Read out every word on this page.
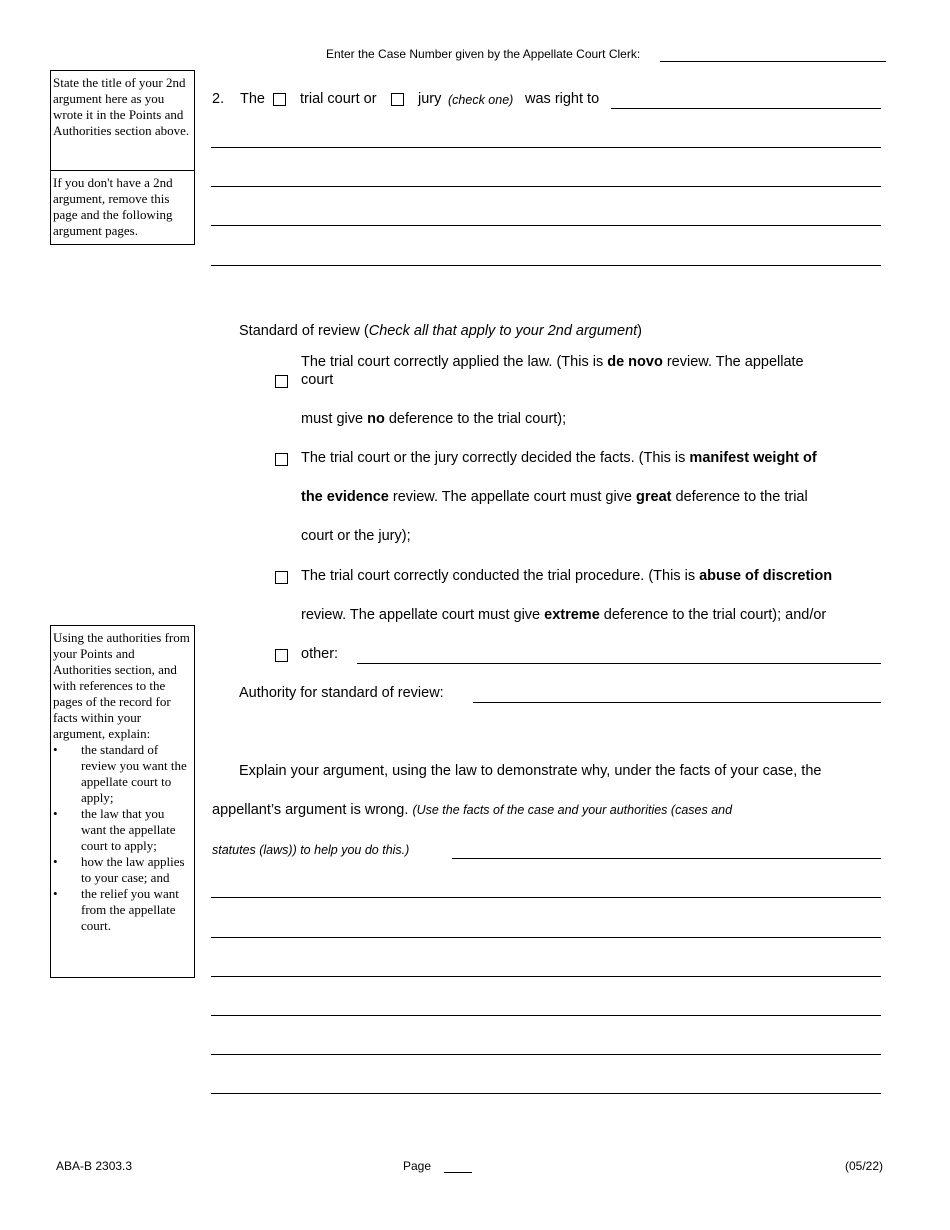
Enter the Case Number given by the Appellate Court Clerk:
State the title of your 2nd argument here as you wrote it in the Points and Authorities section above.
If you don't have a 2nd argument, remove this page and the following argument pages.
Using the authorities from your Points and Authorities section, and with references to the pages of the record for facts within your argument, explain:
• the standard of review you want the appellate court to apply;
• the law that you want the appellate court to apply;
• how the law applies to your case; and
• the relief you want from the appellate court.
2. The trial court or	jury (check one) was right to
Standard of review (Check all that apply to your 2nd argument)
The trial court correctly applied the law. (This is de novo review. The appellate
court
must give no deference to the trial court);
The trial court or the jury correctly decided the facts. (This is manifest weight of
the evidence review. The appellate court must give great deference to the trial
court or the jury);
The trial court correctly conducted the trial procedure. (This is abuse of discretion
review. The appellate court must give extreme deference to the trial court); and/or
other:
Authority for standard of review:
Explain your argument, using the law to demonstrate why, under the facts of your case, the
appellant’s argument is wrong. (Use the facts of the case and your authorities (cases and
statutes (laws)) to help you do this.)
ABA-B 2303.3	Page	(05/22)
